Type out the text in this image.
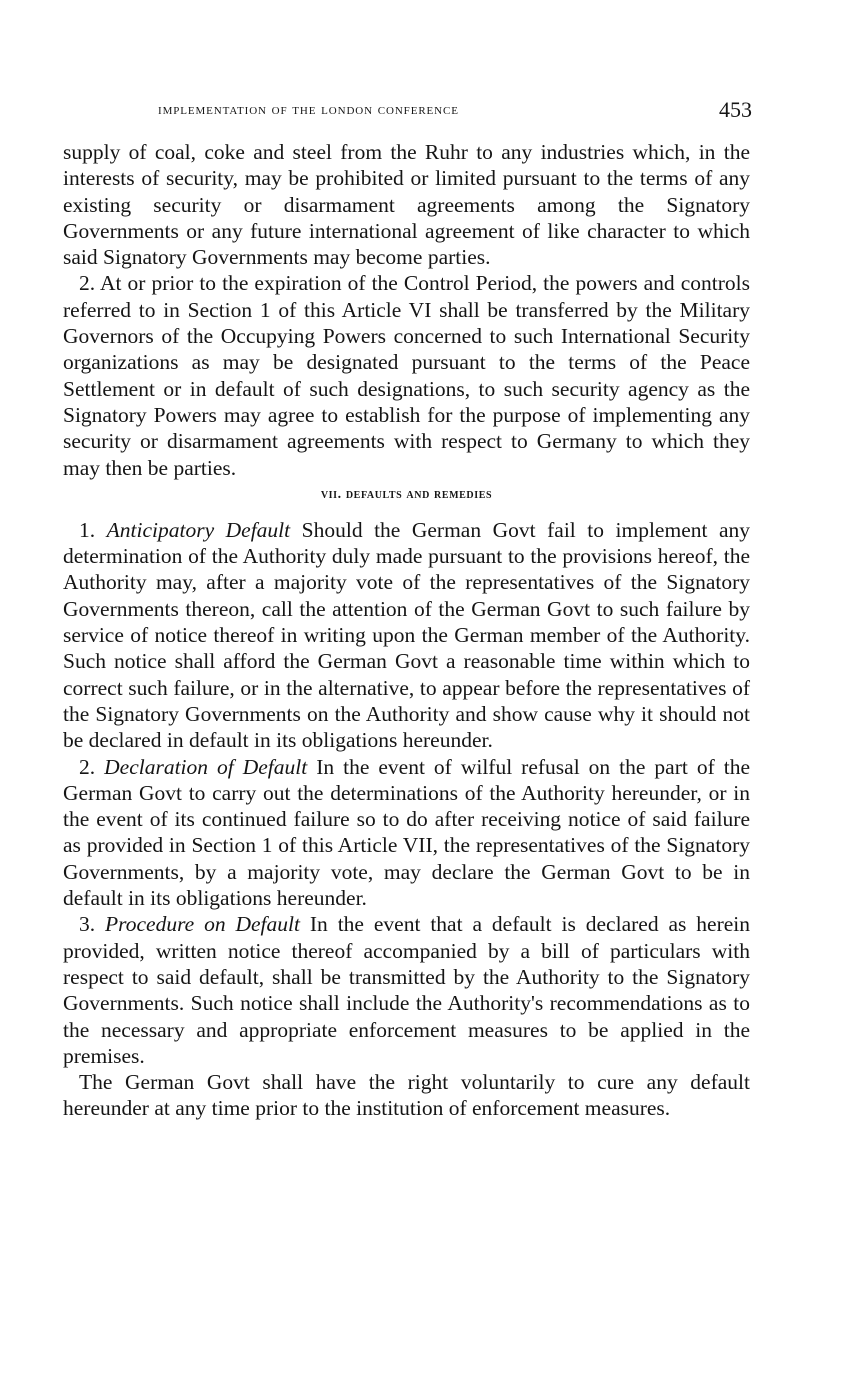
implementation of the london conference	453

supply of coal, coke and steel from the Ruhr to any industries which, in the interests of security, may be prohibited or limited pursuant to the terms of any existing security or disarmament agreements among the Signatory Governments or any future international agreement of like character to which said Signatory Governments may become parties.

2. At or prior to the expiration of the Control Period, the powers and controls referred to in Section 1 of this Article VI shall be transferred by the Military Governors of the Occupying Powers concerned to such International Security organizations as may be designated pursuant to the terms of the Peace Settlement or in default of such designations, to such security agency as the Signatory Powers may agree to establish for the purpose of implementing any security or disarmament agreements with respect to Germany to which they may then be parties.

vii. defaults and remedies

1. Anticipatory Default Should the German Govt fail to implement any determination of the Authority duly made pursuant to the provisions hereof, the Authority may, after a majority vote of the representatives of the Signatory Governments thereon, call the attention of the German Govt to such failure by service of notice thereof in writing upon the German member of the Authority. Such notice shall afford the German Govt a reasonable time within which to correct such failure, or in the alternative, to appear before the representatives of the Signatory Governments on the Authority and show cause why it should not be declared in default in its obligations hereunder.

2. Declaration of Default In the event of wilful refusal on the part of the German Govt to carry out the determinations of the Authority hereunder, or in the event of its continued failure so to do after receiving notice of said failure as provided in Section 1 of this Article VII, the representatives of the Signatory Governments, by a majority vote, may declare the German Govt to be in default in its obligations hereunder.

3. Procedure on Default In the event that a default is declared as herein provided, written notice thereof accompanied by a bill of particulars with respect to said default, shall be transmitted by the Authority to the Signatory Governments. Such notice shall include the Authority's recommendations as to the necessary and appropriate enforcement measures to be applied in the premises.

The German Govt shall have the right voluntarily to cure any default hereunder at any time prior to the institution of enforcement measures.
